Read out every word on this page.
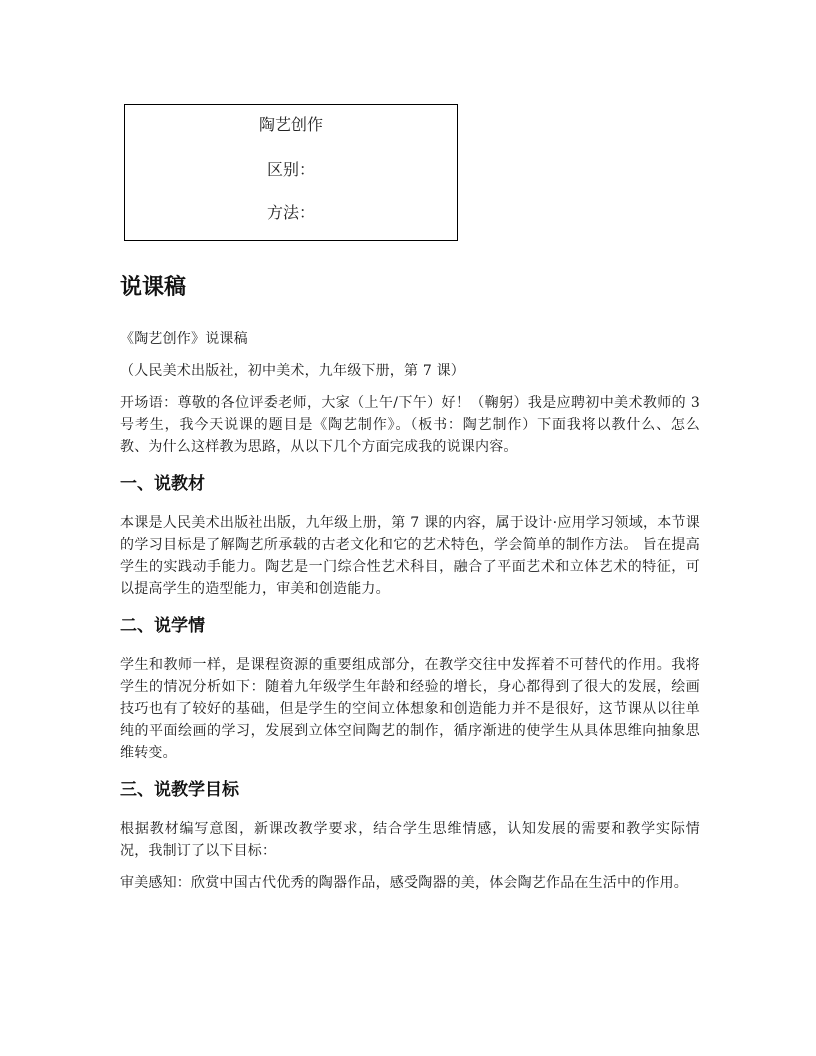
陶艺创作
区别：
方法：
说课稿

《陶艺创作》说课稿

（人民美术出版社，初中美术，九年级下册，第 7 课）

开场语：尊敬的各位评委老师，大家（上午/下午）好！（鞠躬）我是应聘初中美术教师的 3 号考生，我今天说课的题目是《陶艺制作》。（板书：陶艺制作）下面我将以教什么、怎么教、为什么这样教为思路，从以下几个方面完成我的说课内容。

一、说教材

本课是人民美术出版社出版，九年级上册，第 7 课的内容，属于设计·应用学习领域，本节课的学习目标是了解陶艺所承载的古老文化和它的艺术特色，学会简单的制作方法。 旨在提高学生的实践动手能力。陶艺是一门综合性艺术科目，融合了平面艺术和立体艺术的特征，可以提高学生的造型能力，审美和创造能力。

二、说学情

学生和教师一样，是课程资源的重要组成部分，在教学交往中发挥着不可替代的作用。我将学生的情况分析如下：随着九年级学生年龄和经验的增长，身心都得到了很大的发展，绘画技巧也有了较好的基础，但是学生的空间立体想象和创造能力并不是很好，这节课从以往单纯的平面绘画的学习，发展到立体空间陶艺的制作，循序渐进的使学生从具体思维向抽象思维转变。

三、说教学目标

根据教材编写意图，新课改教学要求，结合学生思维情感，认知发展的需要和教学实际情况，我制订了以下目标：

审美感知：欣赏中国古代优秀的陶器作品，感受陶器的美，体会陶艺作品在生活中的作用。
